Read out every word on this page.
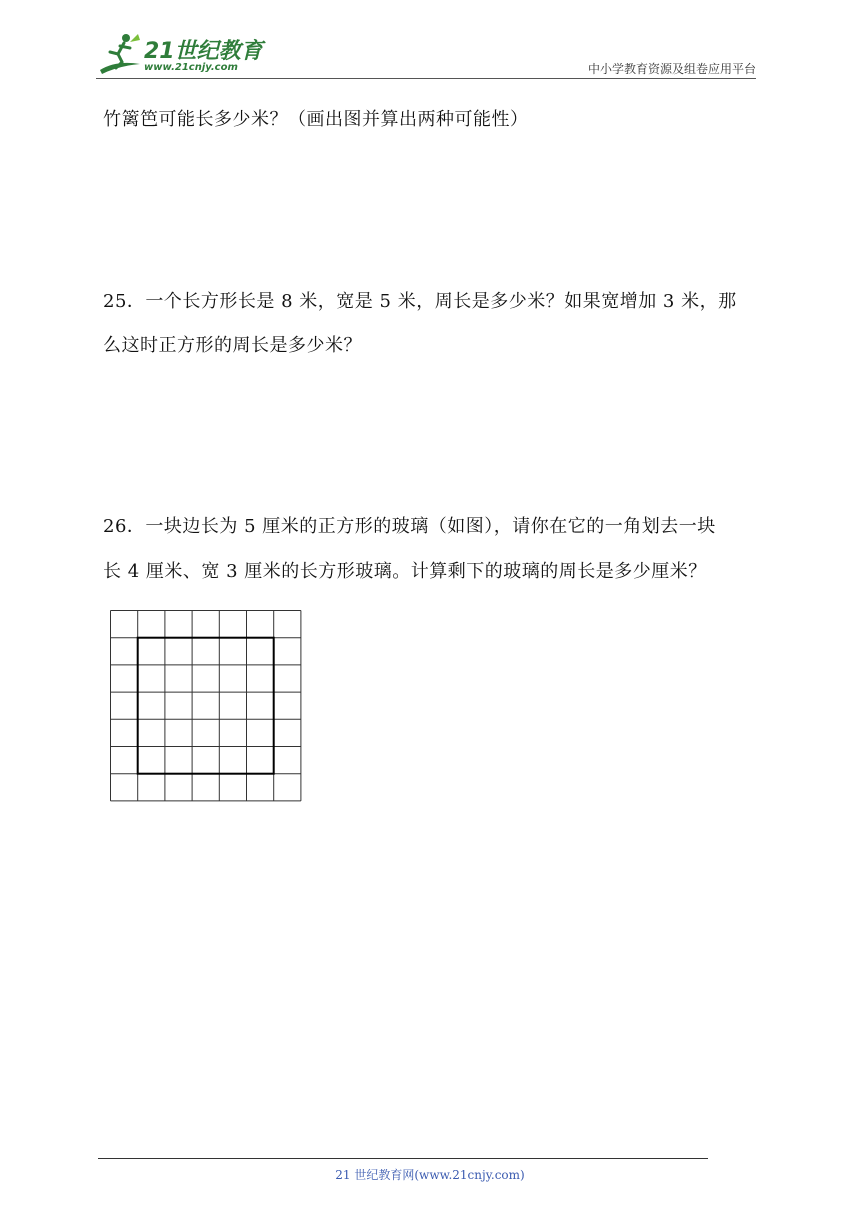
21世纪教育
www.21cnjy.com	中小学教育资源及组卷应用平台
竹篱笆可能长多少米？（画出图并算出两种可能性）
25．一个长方形长是 8 米，宽是 5 米，周长是多少米？如果宽增加 3 米，那
么这时正方形的周长是多少米？
26．一块边长为 5 厘米的正方形的玻璃（如图），请你在它的一角划去一块
长 4 厘米、宽 3 厘米的长方形玻璃。计算剩下的玻璃的周长是多少厘米？
21 世纪教育网(www.21cnjy.com)
